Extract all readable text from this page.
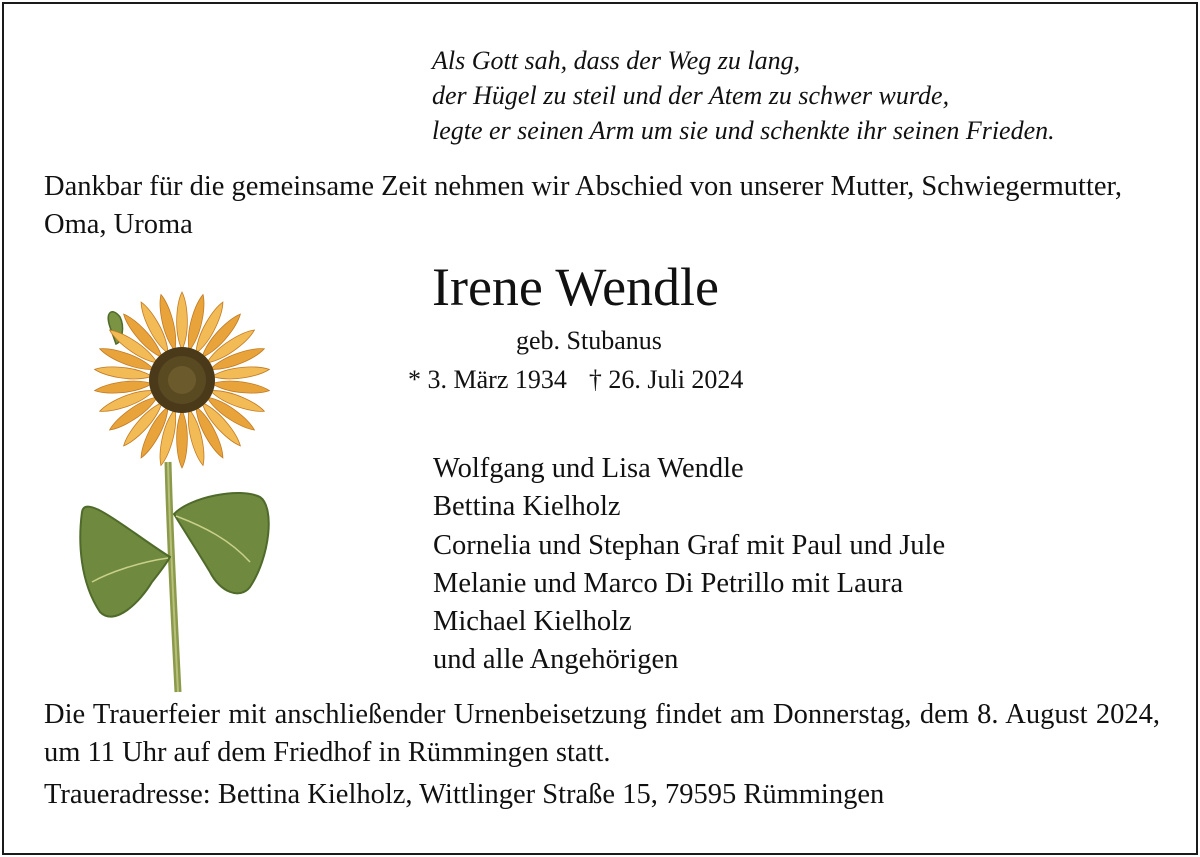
Als Gott sah, dass der Weg zu lang,
der Hügel zu steil und der Atem zu schwer wurde,
legte er seinen Arm um sie und schenkte ihr seinen Frieden.
Dankbar für die gemeinsame Zeit nehmen wir Abschied von unserer Mutter, Schwiegermutter, Oma, Uroma
Irene Wendle
geb. Stubanus
* 3. März 1934 † 26. Juli 2024
Wolfgang und Lisa Wendle
Bettina Kielholz
Cornelia und Stephan Graf mit Paul und Jule
Melanie und Marco Di Petrillo mit Laura
Michael Kielholz
und alle Angehörigen
Die Trauerfeier mit anschließender Urnenbeisetzung findet am Donnerstag, dem 8. August 2024, um 11 Uhr auf dem Friedhof in Rümmingen statt.
Traueradresse: Bettina Kielholz, Wittlinger Straße 15, 79595 Rümmingen
